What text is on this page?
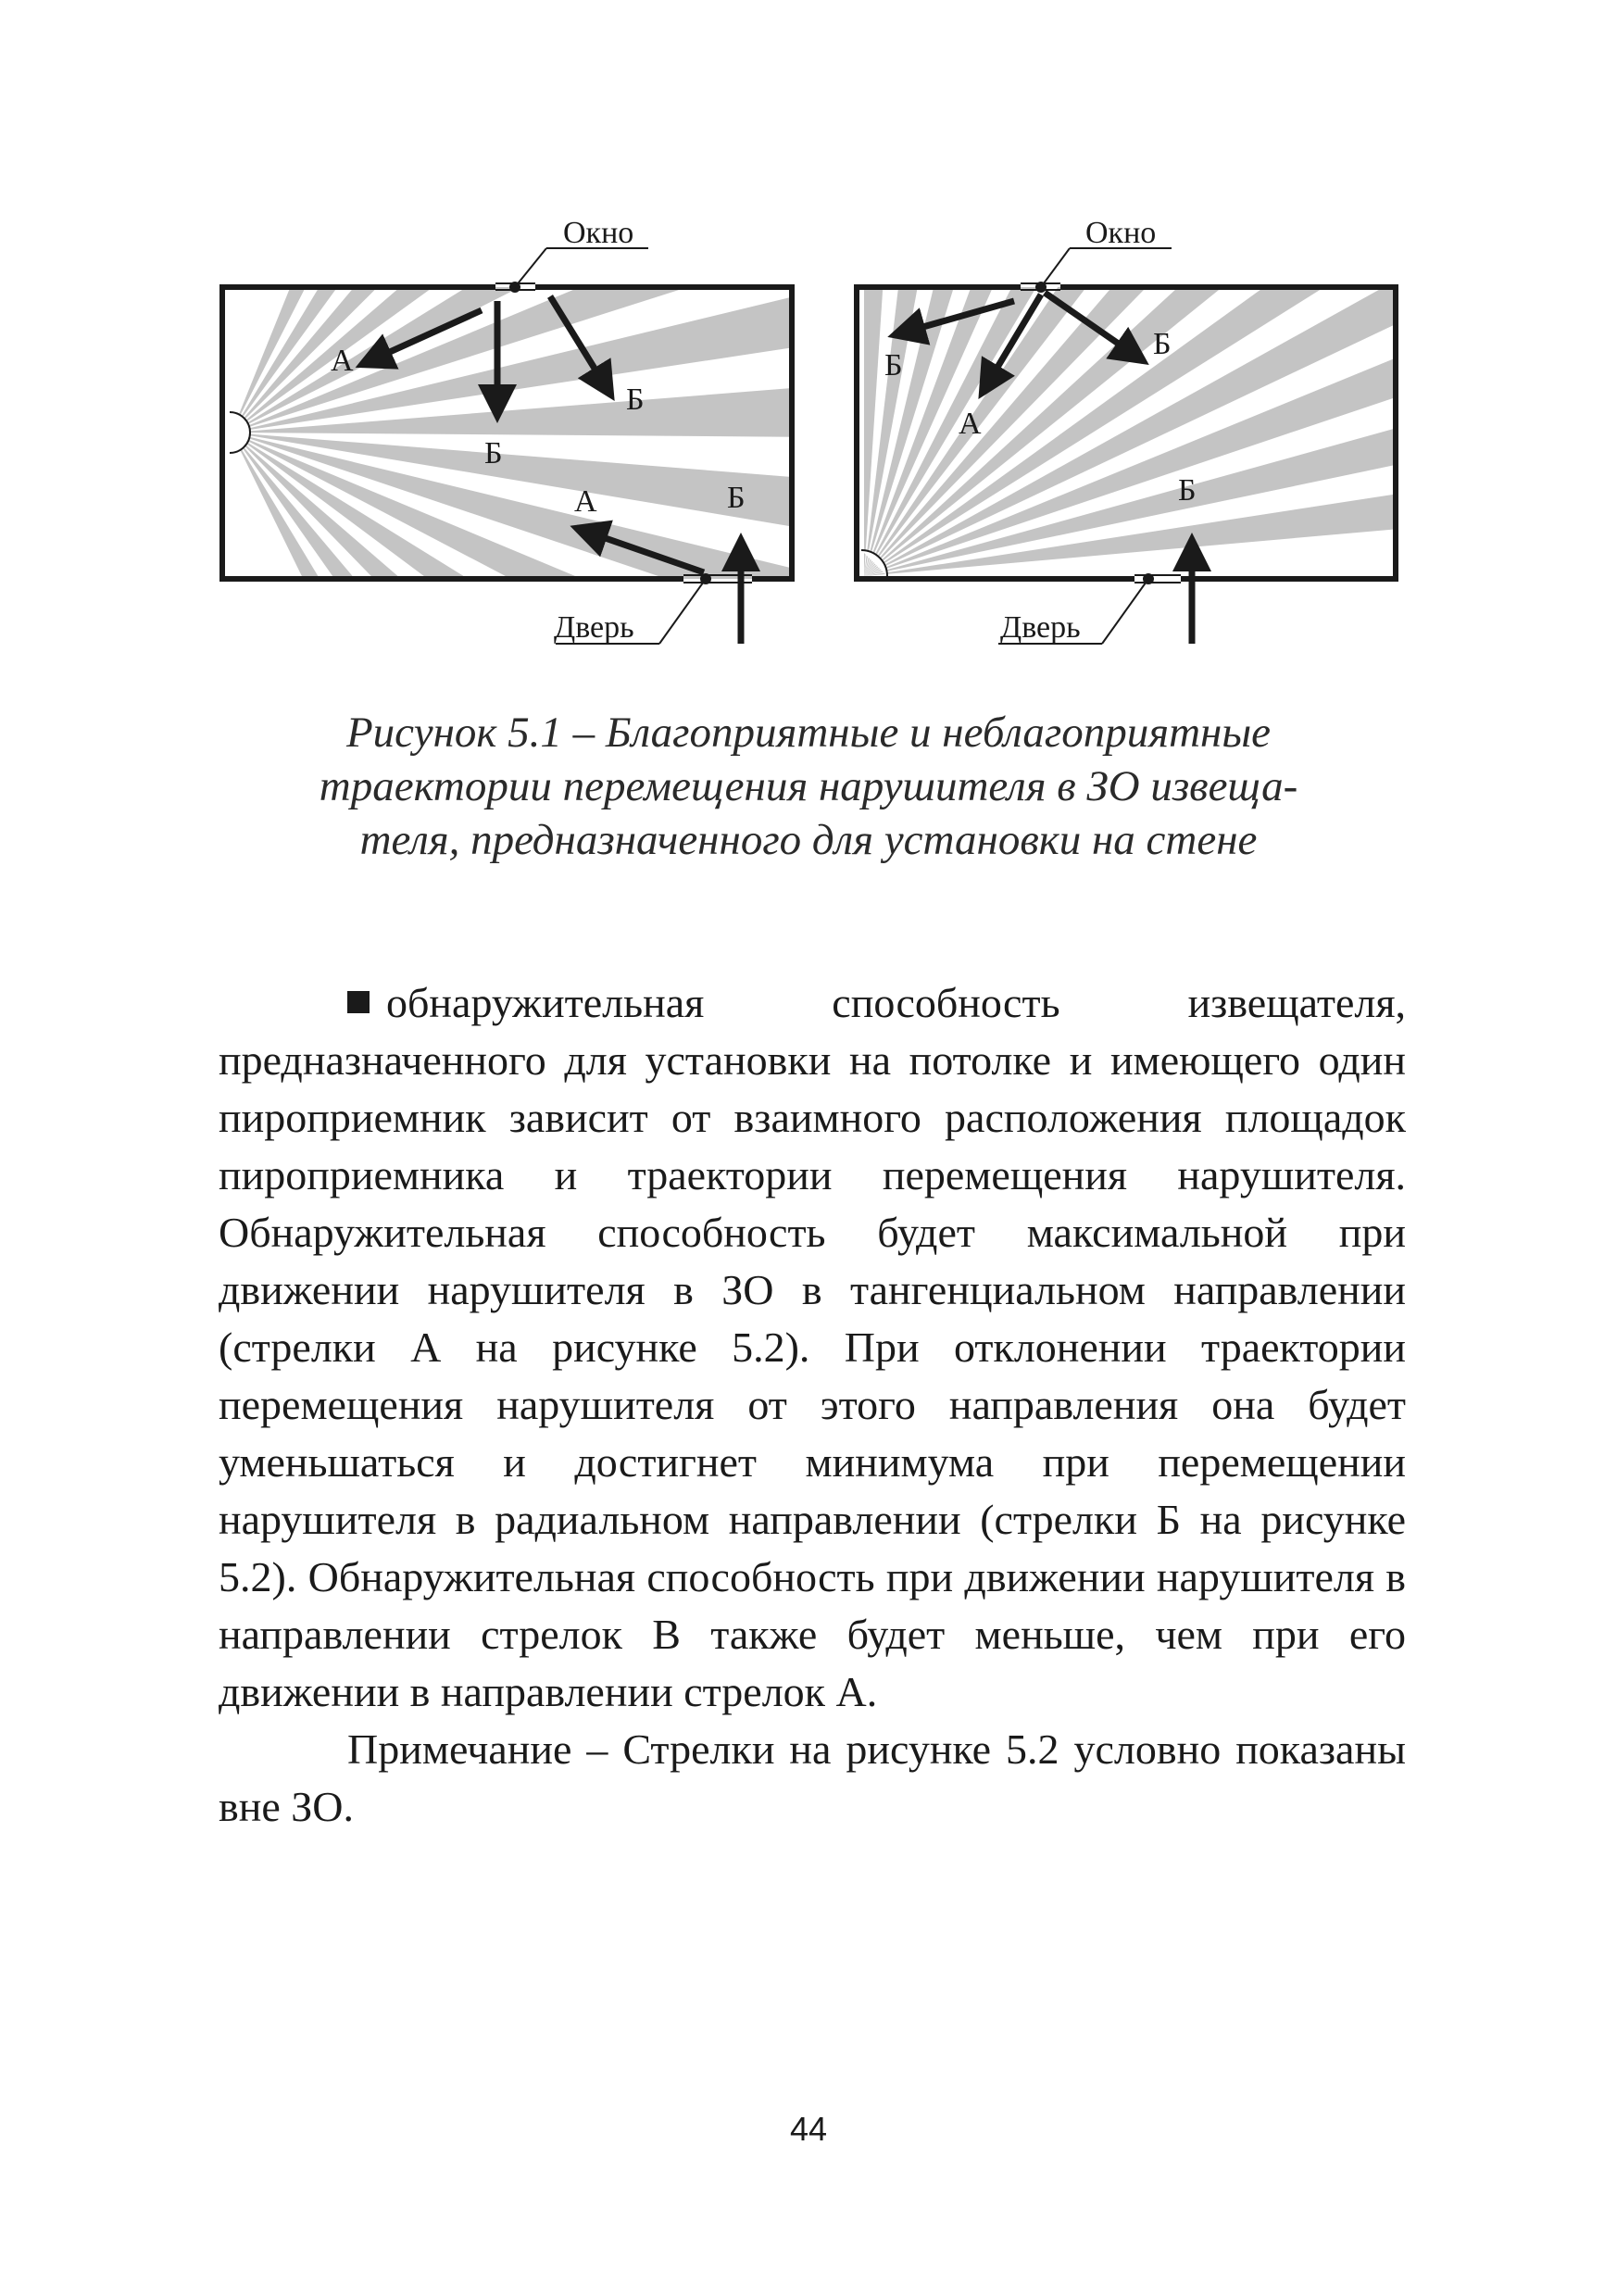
Окно
Дверь
А
Б
Б
А	Б
Окно
Дверь
Б
А
Б
Б
Рисунок 5.1 – Благоприятные и неблагоприятные
траектории перемещения нарушителя в ЗО извеща-
теля, предназначенного для установки на стене

обнаружительная способность извещателя, предназначенного для установки на потолке и имеющего один пироприемник зависит от взаимного расположения площадок пироприемника и траектории перемещения нарушителя. Обнаружительная способность будет максимальной при движении нарушителя в ЗО в тангенциальном направлении (стрелки А на рисунке 5.2). При отклонении траектории перемещения нарушителя от этого направления она будет уменьшаться и достигнет минимума при перемещении нарушителя в радиальном направлении (стрелки Б на рисунке 5.2). Обнаружительная способность при движении нарушителя в направлении стрелок В также будет меньше, чем при его движении в направлении стрелок А.

Примечание – Стрелки на рисунке 5.2 условно показаны вне ЗО.

44
